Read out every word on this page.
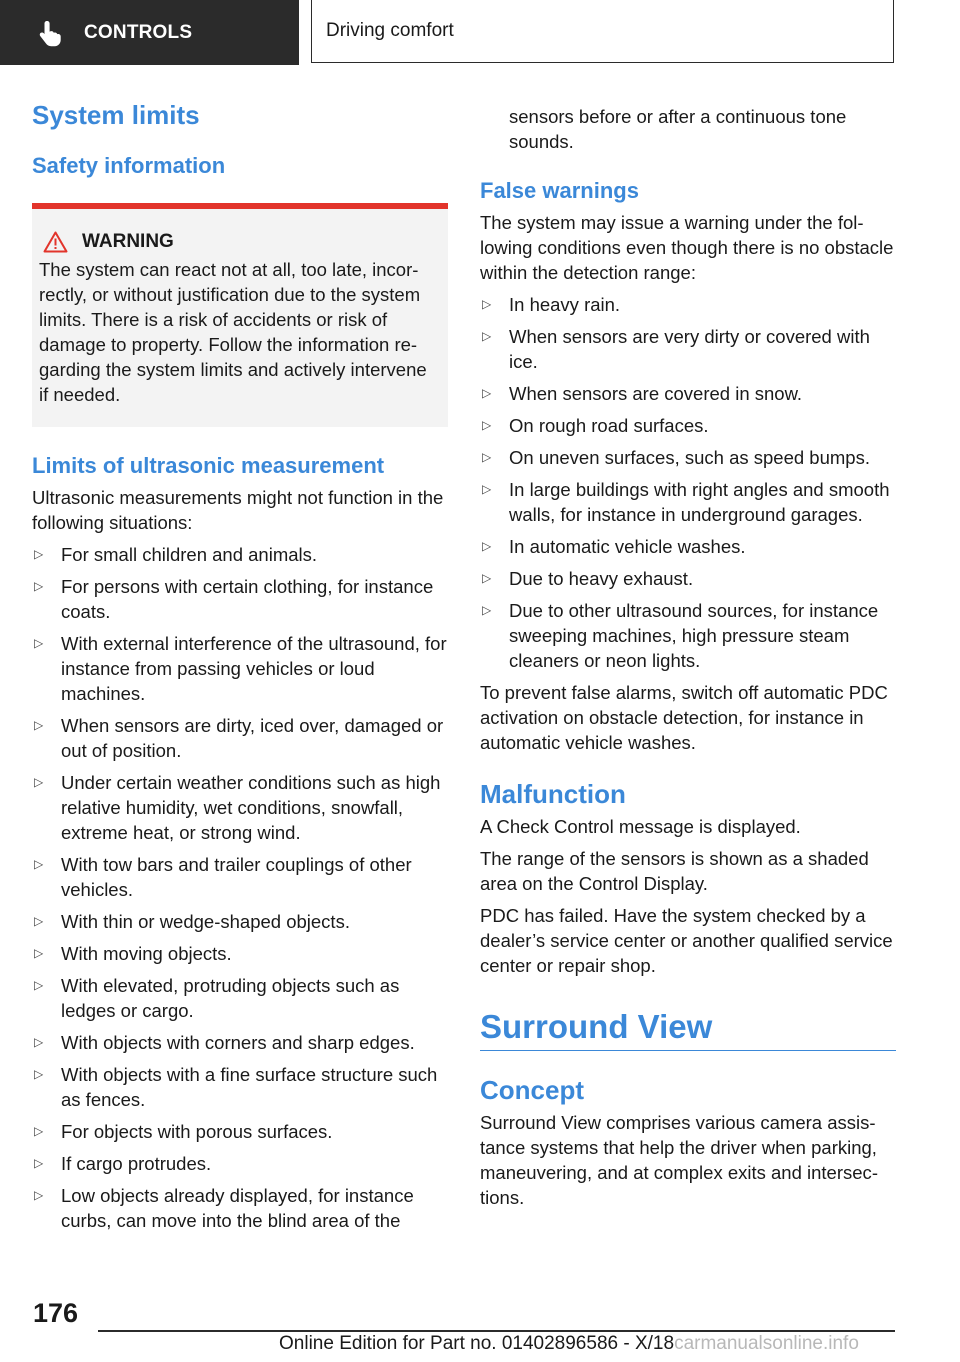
CONTROLS	Driving comfort
System limits
Safety information
WARNING

The system can react not at all, too late, incorrectly, or without justification due to the system limits. There is a risk of accidents or risk of damage to property. Follow the information regarding the system limits and actively intervene if needed.

Limits of ultrasonic measurement

Ultrasonic measurements might not function in the following situations:

▷ For small children and animals.
▷ For persons with certain clothing, for instance coats.
▷ With external interference of the ultrasound, for instance from passing vehicles or loud machines.
▷ When sensors are dirty, iced over, damaged or out of position.
▷ Under certain weather conditions such as high relative humidity, wet conditions, snowfall, extreme heat, or strong wind.
▷ With tow bars and trailer couplings of other vehicles.
▷ With thin or wedge-shaped objects.
▷ With moving objects.
▷ With elevated, protruding objects such as ledges or cargo.
▷ With objects with corners and sharp edges.
▷ With objects with a fine surface structure such as fences.
▷ For objects with porous surfaces.
▷ If cargo protrudes.
▷ Low objects already displayed, for instance curbs, can move into the blind area of the

sensors before or after a continuous tone sounds.

False warnings

The system may issue a warning under the following conditions even though there is no obstacle within the detection range:

▷ In heavy rain.
▷ When sensors are very dirty or covered with ice.
▷ When sensors are covered in snow.
▷ On rough road surfaces.
▷ On uneven surfaces, such as speed bumps.
▷ In large buildings with right angles and smooth walls, for instance in underground garages.
▷ In automatic vehicle washes.
▷ Due to heavy exhaust.
▷ Due to other ultrasound sources, for instance sweeping machines, high pressure steam cleaners or neon lights.

To prevent false alarms, switch off automatic PDC activation on obstacle detection, for instance in automatic vehicle washes.

Malfunction

A Check Control message is displayed.

The range of the sensors is shown as a shaded area on the Control Display.

PDC has failed. Have the system checked by a dealer’s service center or another qualified service center or repair shop.

Surround View
Concept

Surround View comprises various camera assistance systems that help the driver when parking, maneuvering, and at complex exits and intersections.

176
Online Edition for Part no. 01402896586 - X/18carmanualsonline.info
